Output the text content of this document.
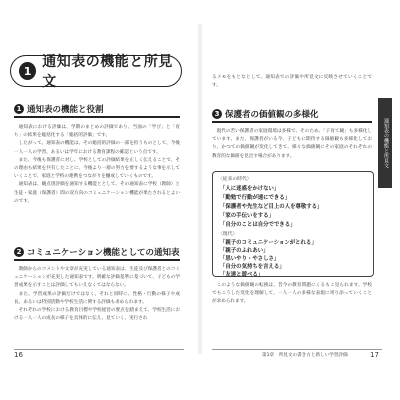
1
通知表の機能と所見文
1 通知表の機能と役割

通知表における評価は、学期のまとめの評価であり、当面の「学び」と「育ち」の結果を総括化する「総括的評価」です。

したがって、通知表の機能は、その総括的評価の一部を担うものとして、今後一人一人の学習、あるいは学年における教育課程の確認という点です。

また、今後も保護者に対し、学校としての評価結果を正しく伝えることで、その理由も結果を共有したことに、今後より一層の努力を要するような事を示していくことで、家庭と学校の連携をつながりを醸成していくものです。

通知表は、観点別評価を通知する機能ととして、その通知表に学校（教師）と生徒・家庭（保護者）間の双方向のコミュニケーション機能が果たされるとよいのです。

2 コミュニケーション機能としての通知表

教師からのコメントや文章が充実している通知表は、生徒及び保護者とのコミュニケーションが充実した通知表です。明確な評価基準に基づいて、子どもの学習成果を示すことは評価してもいえなくてはならない。

また、学習成果の評価だけではなく、それと同時に、性格・行動の様子や成長、あるいは特別活動や学校生活に関する評価も求められます。

それぞれの学校における教育目標や学校経営の要点を踏まえて、学校生活における一人一人の成長の様子を具体的に伝え、見ていく、実行され

16

るメモをもとなとして、通知表での評価や所見文に反映させていくことです。

3 保護者の価値観の多様化

現代の若い保護者の家庭環境は多様で、そのため、「子育て観」も多様化しています。また、保護者がいる今、子どもに期待する価値観も多様化しており、かつての価値観が変化してきて、様々な価値観にその家庭のそれぞれの教育的な価値を見出す場合があります。

〈従来の時代〉
「人に迷惑をかけない」
「勤勉で行動が速にできる」
「保護者や先生など目上の人を尊敬する」
「家の手伝いをする」
「自分のことは自分でできる」
〈現代〉
「親子のコミュニケーションがとれる」
「親子のふれあい」
「思いやり・やさしさ」
「自分の気持ちを言える」
「友達と遊べる」

このような価値観の転換は、昔今の教育問題にくるもこ見られます。学校でもこうした変化を理解して、一人一人の多様な表現に寄り添っていくことが求められます。

第1章　所見文の書き方と新しい学習評価	17
通知表の機能と所見文
